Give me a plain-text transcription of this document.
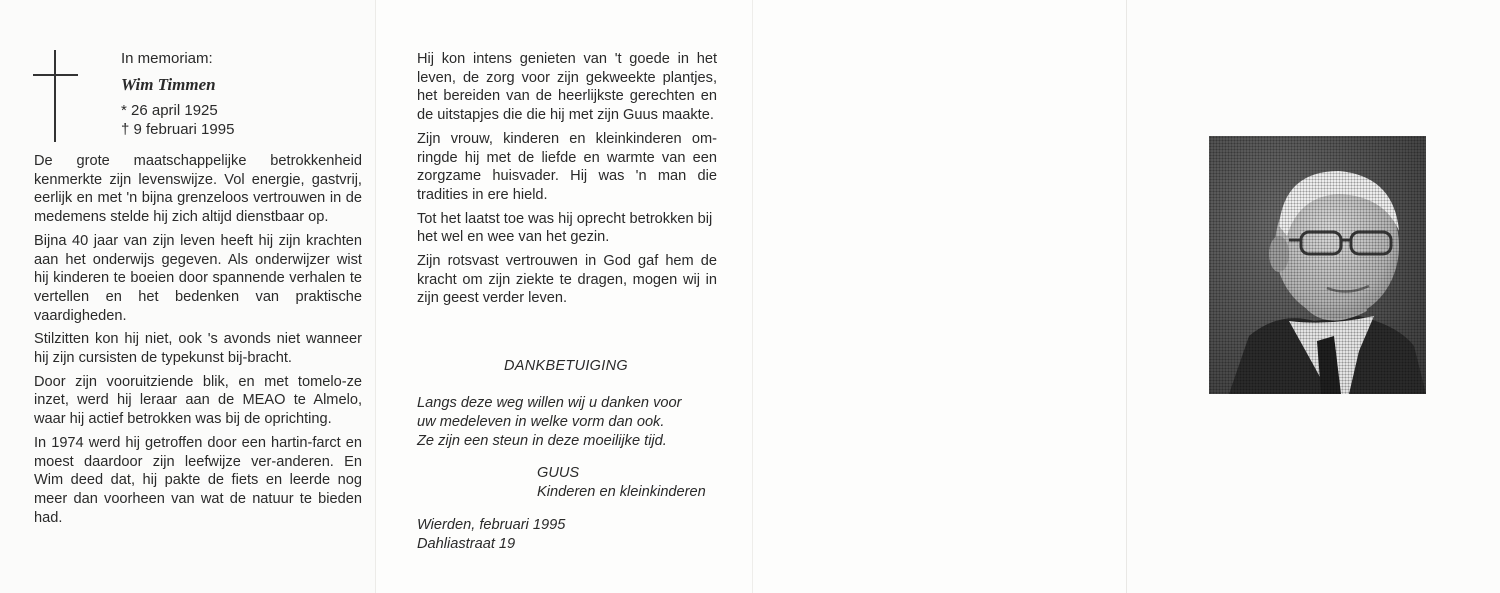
In memoriam:
Wim Timmen
* 26 april 1925
† 9 februari 1995

De grote maatschappelijke betrokkenheid kenmerkte zijn levenswijze. Vol energie, gastvrij, eerlijk en met 'n bijna grenzeloos vertrouwen in de medemens stelde hij zich altijd dienstbaar op.

Bijna 40 jaar van zijn leven heeft hij zijn krachten aan het onderwijs gegeven. Als onderwijzer wist hij kinderen te boeien door spannende verhalen te vertellen en het bedenken van praktische vaardigheden.

Stilzitten kon hij niet, ook 's avonds niet wanneer hij zijn cursisten de typekunst bij-bracht.

Door zijn vooruitziende blik, en met tomelo-ze inzet, werd hij leraar aan de MEAO te Almelo, waar hij actief betrokken was bij de oprichting.

In 1974 werd hij getroffen door een hartin-farct en moest daardoor zijn leefwijze ver-anderen. En Wim deed dat, hij pakte de fiets en leerde nog meer dan voorheen van wat de natuur te bieden had.

Hij kon intens genieten van 't goede in het leven, de zorg voor zijn gekweekte plantjes, het bereiden van de heerlijkste gerechten en de uitstapjes die die hij met zijn Guus maakte.

Zijn vrouw, kinderen en kleinkinderen om-ringde hij met de liefde en warmte van een zorgzame huisvader. Hij was 'n man die tradities in ere hield.

Tot het laatst toe was hij oprecht betrokken bij het wel en wee van het gezin.

Zijn rotsvast vertrouwen in God gaf hem de kracht om zijn ziekte te dragen, mogen wij in zijn geest verder leven.

DANKBETUIGING
Langs deze weg willen wij u danken voor
uw medeleven in welke vorm dan ook.
Ze zijn een steun in deze moeilijke tijd.
GUUS
Kinderen en kleinkinderen
Wierden, februari 1995
Dahliastraat 19
